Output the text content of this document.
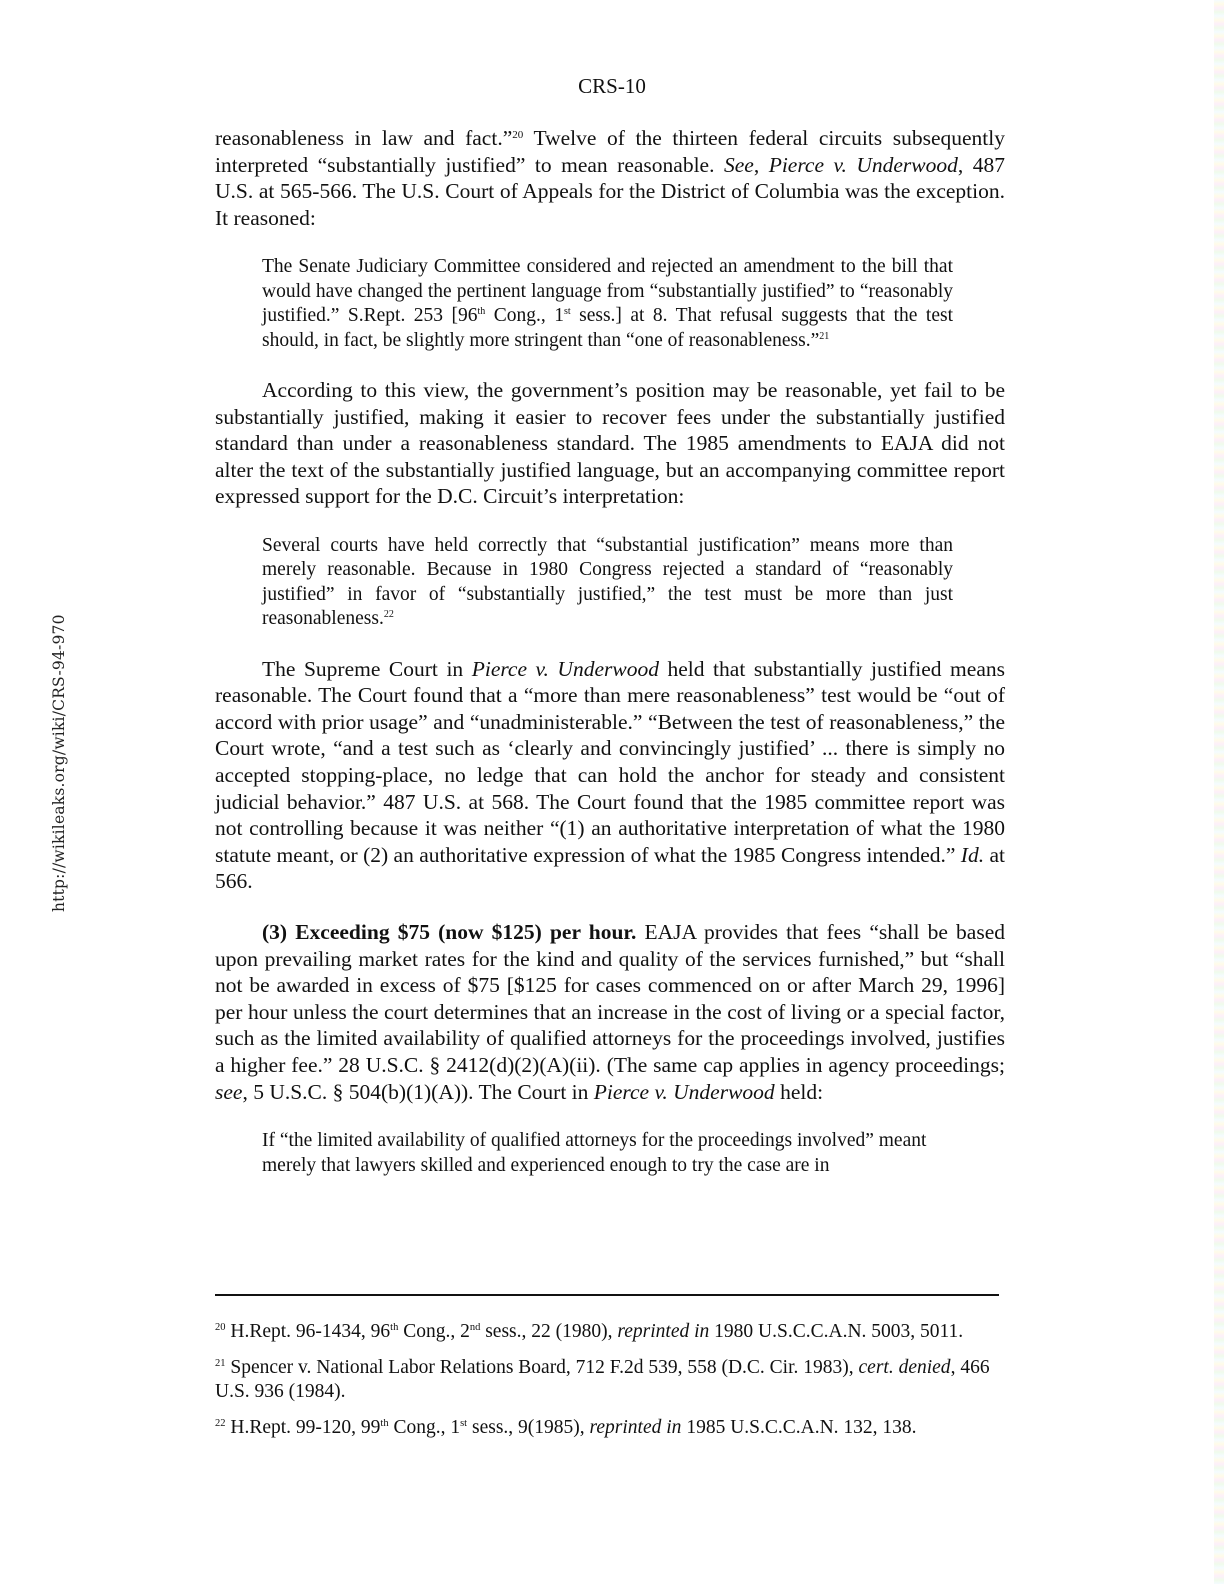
http://wikileaks.org/wiki/CRS-94-970
CRS-10

reasonableness in law and fact.”$^{20}$ Twelve of the thirteen federal circuits subsequently interpreted “substantially justified” to mean reasonable. See, Pierce v. Underwood, 487 U.S. at 565-566. The U.S. Court of Appeals for the District of Columbia was the exception. It reasoned:

The Senate Judiciary Committee considered and rejected an amendment to the bill that would have changed the pertinent language from “substantially justified” to “reasonably justified.” S.Rept. 253 [96th Cong., 1st sess.] at 8. That refusal suggests that the test should, in fact, be slightly more stringent than “one of reasonableness.”$^{21}$

According to this view, the government’s position may be reasonable, yet fail to be substantially justified, making it easier to recover fees under the substantially justified standard than under a reasonableness standard. The 1985 amendments to EAJA did not alter the text of the substantially justified language, but an accompanying committee report expressed support for the D.C. Circuit’s interpretation:

Several courts have held correctly that “substantial justification” means more than merely reasonable. Because in 1980 Congress rejected a standard of “reasonably justified” in favor of “substantially justified,” the test must be more than just reasonableness.$^{22}$

The Supreme Court in Pierce v. Underwood held that substantially justified means reasonable. The Court found that a “more than mere reasonableness” test would be “out of accord with prior usage” and “unadministerable.” “Between the test of reasonableness,” the Court wrote, “and a test such as ‘clearly and convincingly justified’ ... there is simply no accepted stopping-place, no ledge that can hold the anchor for steady and consistent judicial behavior.” 487 U.S. at 568. The Court found that the 1985 committee report was not controlling because it was neither “(1) an authoritative interpretation of what the 1980 statute meant, or (2) an authoritative expression of what the 1985 Congress intended.” Id. at 566.

(3) Exceeding $75 (now $125) per hour. EAJA provides that fees “shall be based upon prevailing market rates for the kind and quality of the services furnished,” but “shall not be awarded in excess of $75 [$125 for cases commenced on or after March 29, 1996] per hour unless the court determines that an increase in the cost of living or a special factor, such as the limited availability of qualified attorneys for the proceedings involved, justifies a higher fee.” 28 U.S.C. § 2412(d)(2)(A)(ii). (The same cap applies in agency proceedings; see, 5 U.S.C. § 504(b)(1)(A)). The Court in Pierce v. Underwood held:

If “the limited availability of qualified attorneys for the proceedings involved” meant merely that lawyers skilled and experienced enough to try the case are in

$^{20}$ H.Rept. 96-1434, 96th Cong., 2nd sess., 22 (1980), reprinted in 1980 U.S.C.C.A.N. 5003, 5011.

$^{21}$ Spencer v. National Labor Relations Board, 712 F.2d 539, 558 (D.C. Cir. 1983), cert. denied, 466 U.S. 936 (1984).

$^{22}$ H.Rept. 99-120, 99th Cong., 1st sess., 9(1985), reprinted in 1985 U.S.C.C.A.N. 132, 138.
